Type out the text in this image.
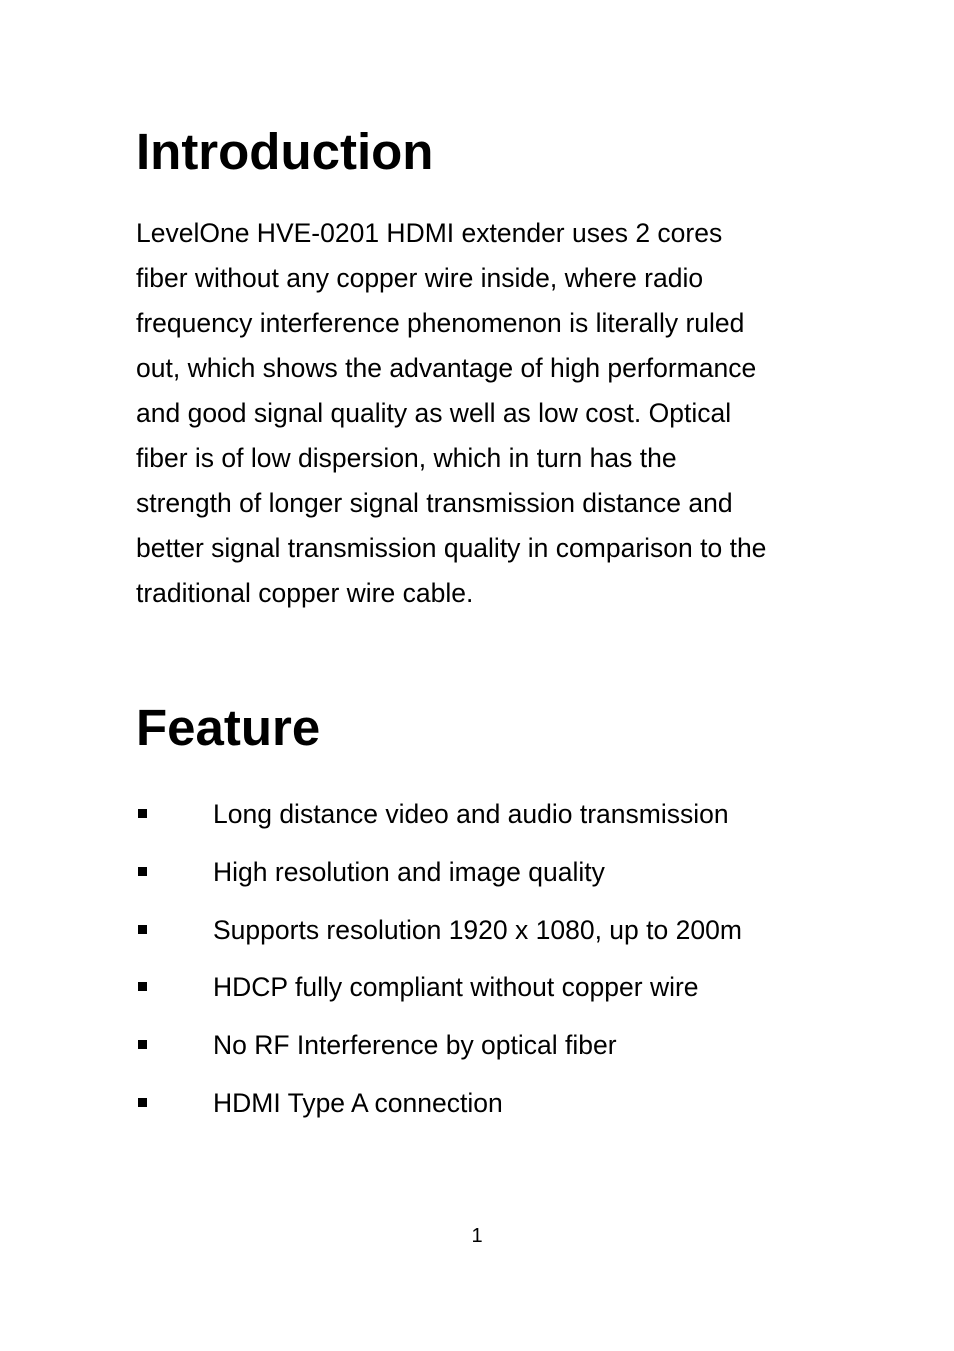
Introduction

LevelOne HVE-0201 HDMI extender uses 2 cores
fiber without any copper wire inside, where radio
frequency interference phenomenon is literally ruled
out, which shows the advantage of high performance
and good signal quality as well as low cost. Optical
fiber is of low dispersion, which in turn has the
strength of longer signal transmission distance and
better signal transmission quality in comparison to the
traditional copper wire cable.

Feature
Long distance video and audio transmission
High resolution and image quality
Supports resolution 1920 x 1080, up to 200m
HDCP fully compliant without copper wire
No RF Interference by optical fiber
HDMI Type A connection
1
